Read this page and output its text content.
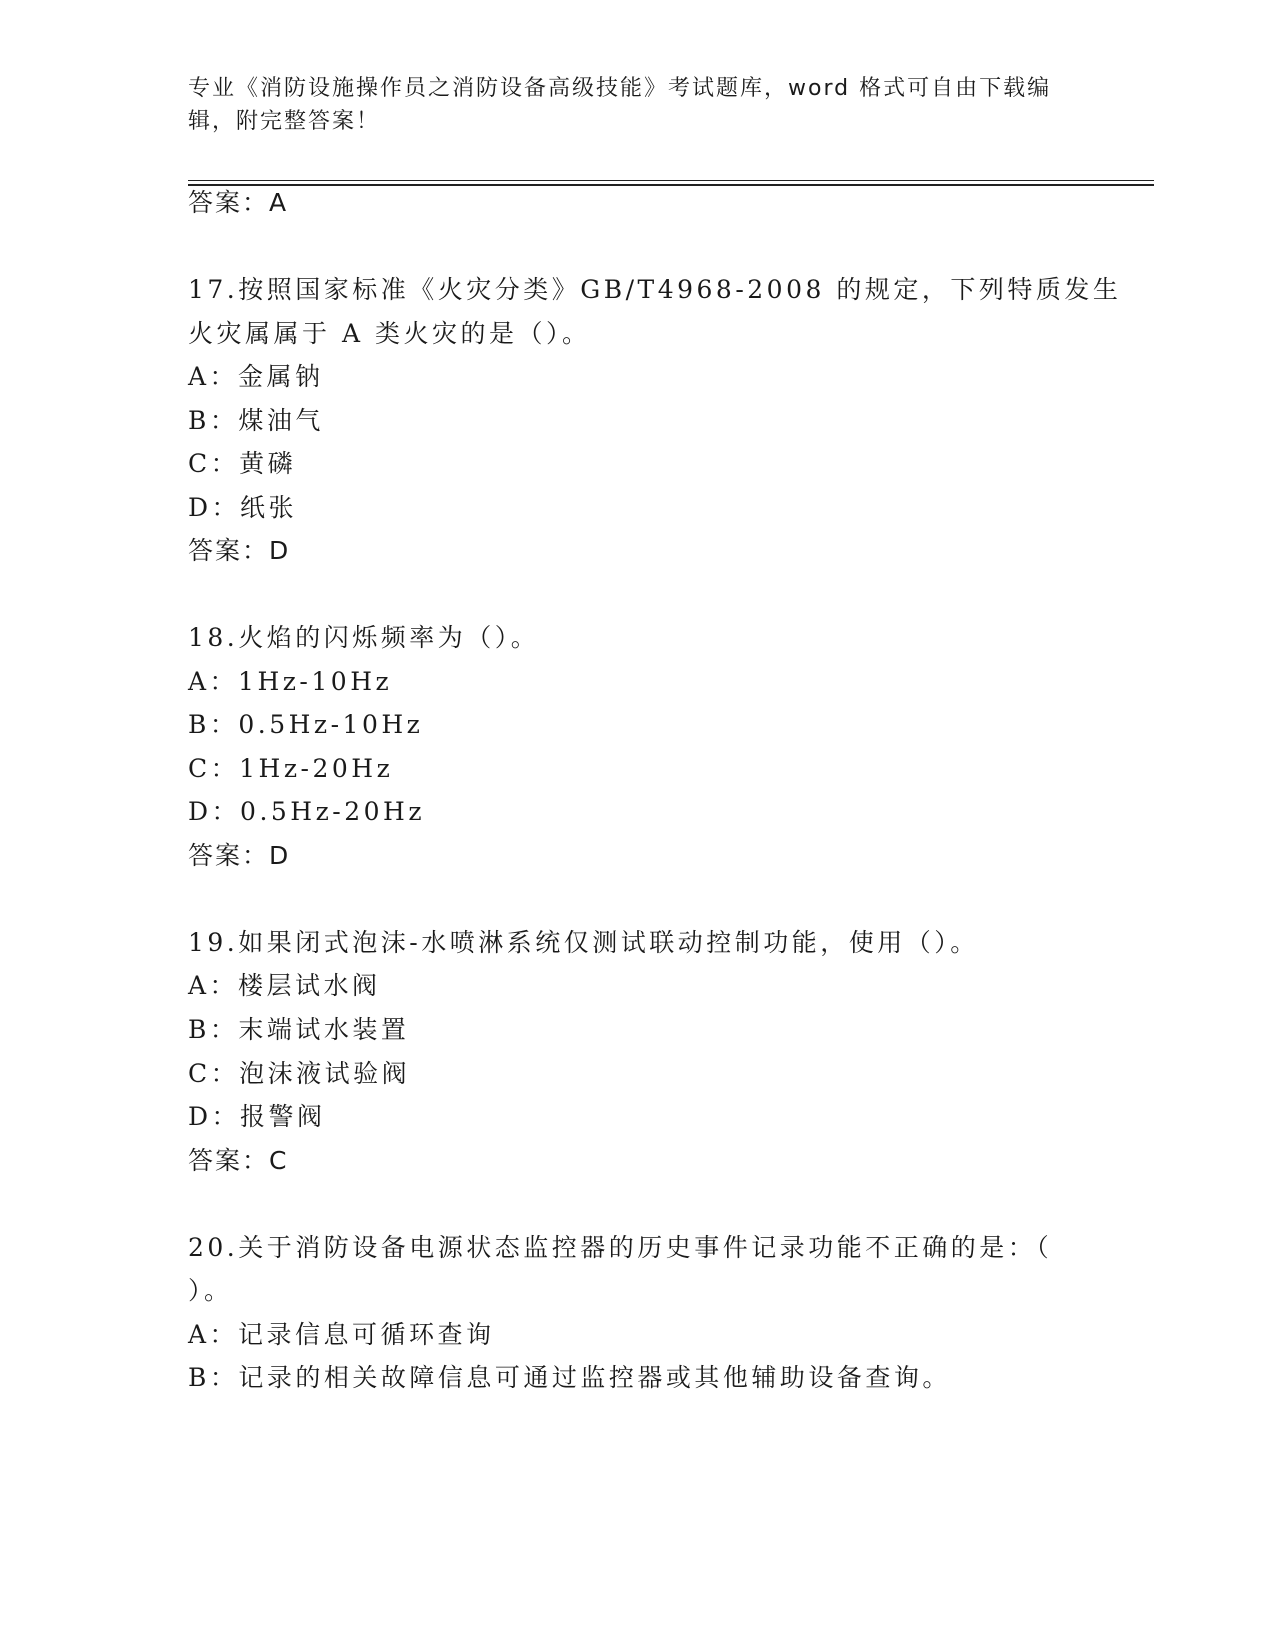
专业《消防设施操作员之消防设备高级技能》考试题库，word 格式可自由下载编辑，附完整答案！
答案：A
17.按照国家标准《火灾分类》GB/T4968-2008 的规定，下列特质发生
火灾属属于 A 类火灾的是（）。
A：金属钠
B：煤油气
C：黄磷
D：纸张
答案：D
18.火焰的闪烁频率为（）。
A：1Hz-10Hz
B：0.5Hz-10Hz
C：1Hz-20Hz
D：0.5Hz-20Hz
答案：D
19.如果闭式泡沫-水喷淋系统仅测试联动控制功能，使用（）。
A：楼层试水阀
B：末端试水装置
C：泡沫液试验阀
D：报警阀
答案：C
20.关于消防设备电源状态监控器的历史事件记录功能不正确的是：（
）。
A：记录信息可循环查询
B：记录的相关故障信息可通过监控器或其他辅助设备查询。
